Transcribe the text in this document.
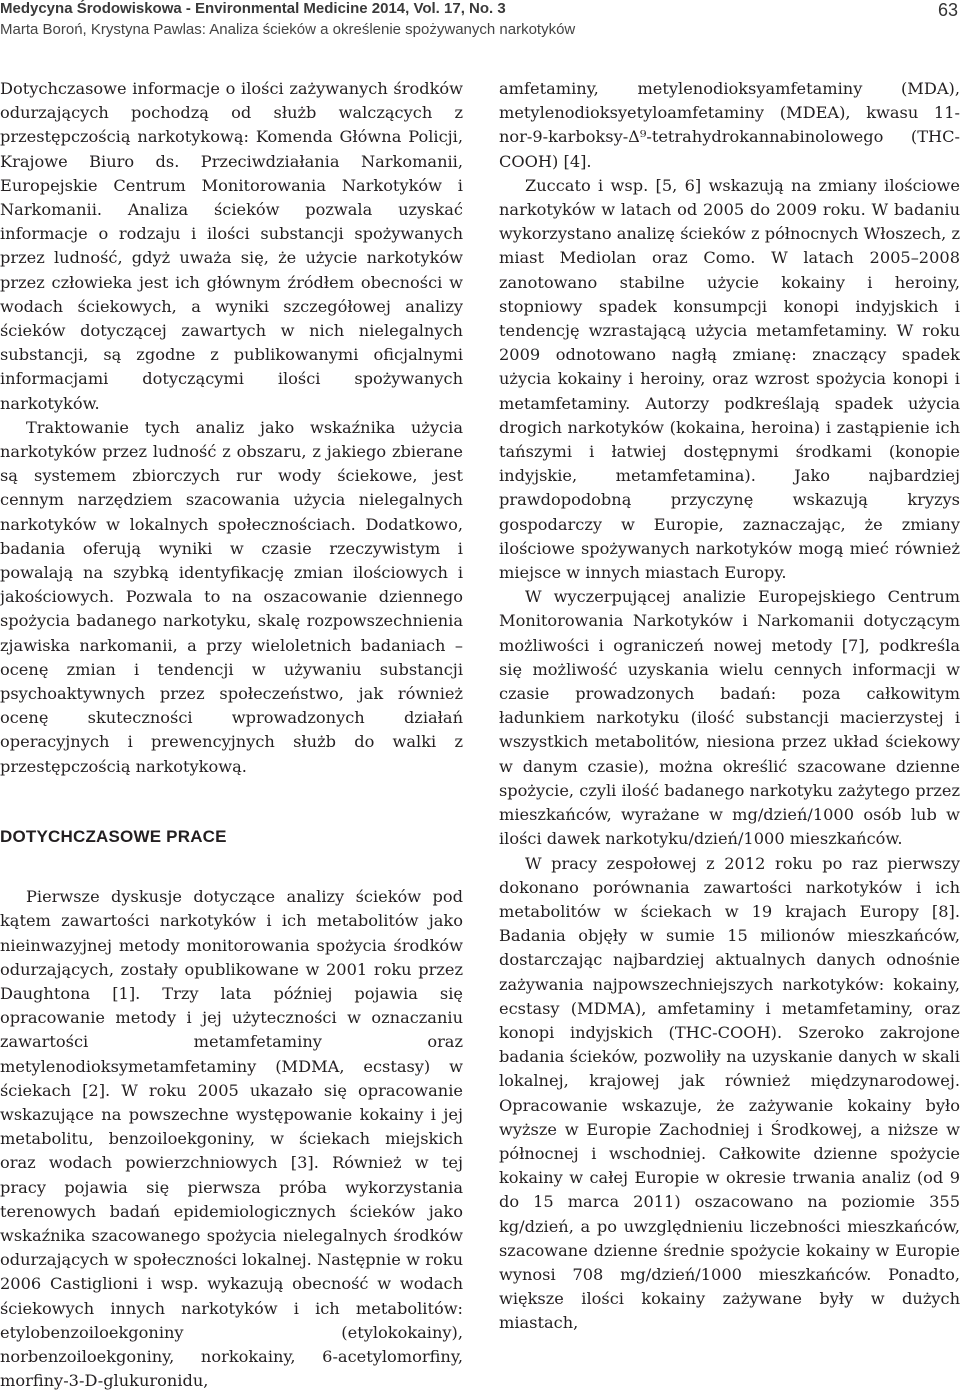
Medycyna Środowiskowa - Environmental Medicine 2014, Vol. 17, No. 3
Marta Boroń, Krystyna Pawlas: Analiza ścieków a określenie spożywanych narkotyków
63

Dotychczasowe informacje o ilości zażywanych środków odurzających pochodzą od służb walczących z przestępczością narkotykową: Komenda Główna Policji, Krajowe Biuro ds. Przeciwdziałania Narkomanii, Europejskie Centrum Monitorowania Narkotyków i Narkomanii. Analiza ścieków pozwala uzyskać informacje o rodzaju i ilości substancji spożywanych przez ludność, gdyż uważa się, że użycie narkotyków przez człowieka jest ich głównym źródłem obecności w wodach ściekowych, a wyniki szczegółowej analizy ścieków dotyczącej zawartych w nich nielegalnych substancji, są zgodne z publikowanymi oficjalnymi informacjami dotyczącymi ilości spożywanych narkotyków.

Traktowanie tych analiz jako wskaźnika użycia narkotyków przez ludność z obszaru, z jakiego zbierane są systemem zbiorczych rur wody ściekowe, jest cennym narzędziem szacowania użycia nielegalnych narkotyków w lokalnych społecznościach. Dodatkowo, badania oferują wyniki w czasie rzeczywistym i powalają na szybką identyfikację zmian ilościowych i jakościowych. Pozwala to na oszacowanie dziennego spożycia badanego narkotyku, skalę rozpowszechnienia zjawiska narkomanii, a przy wieloletnich badaniach – ocenę zmian i tendencji w używaniu substancji psychoaktywnych przez społeczeństwo, jak również ocenę skuteczności wprowadzonych działań operacyjnych i prewencyjnych służb do walki z przestępczością narkotykową.

DOTYCHCZASOWE PRACE

Pierwsze dyskusje dotyczące analizy ścieków pod kątem zawartości narkotyków i ich metabolitów jako nieinwazyjnej metody monitorowania spożycia środków odurzających, zostały opublikowane w 2001 roku przez Daughtona [1]. Trzy lata później pojawia się opracowanie metody i jej użyteczności w oznaczaniu zawartości metamfetaminy oraz metylenodioksymetamfetaminy (MDMA, ecstasy) w ściekach [2]. W roku 2005 ukazało się opracowanie wskazujące na powszechne występowanie kokainy i jej metabolitu, benzoiloekgoniny, w ściekach miejskich oraz wodach powierzchniowych [3]. Również w tej pracy pojawia się pierwsza próba wykorzystania terenowych badań epidemiologicznych ścieków jako wskaźnika szacowanego spożycia nielegalnych środków odurzających w społeczności lokalnej. Następnie w roku 2006 Castiglioni i wsp. wykazują obecność w wodach ściekowych innych narkotyków i ich metabolitów: etylobenzoiloekgoniny (etylokokainy), norbenzoiloekgoniny, norkokainy, 6-acetylomorfiny, morfiny-3-D-glukuronidu,

amfetaminy, metylenodioksyamfetaminy (MDA), metylenodioksyetyloamfetaminy (MDEA), kwasu 11-nor-9-karboksy-Δ⁹-tetrahydrokannabinolowego (THC-COOH) [4].

Zuccato i wsp. [5, 6] wskazują na zmiany ilościowe narkotyków w latach od 2005 do 2009 roku. W badaniu wykorzystano analizę ścieków z północnych Włoszech, z miast Mediolan oraz Como. W latach 2005–2008 zanotowano stabilne użycie kokainy i heroiny, stopniowy spadek konsumpcji konopi indyjskich i tendencję wzrastającą użycia metamfetaminy. W roku 2009 odnotowano nagłą zmianę: znaczący spadek użycia kokainy i heroiny, oraz wzrost spożycia konopi i metamfetaminy. Autorzy podkreślają spadek użycia drogich narkotyków (kokaina, heroina) i zastąpienie ich tańszymi i łatwiej dostępnymi środkami (konopie indyjskie, metamfetamina). Jako najbardziej prawdopodobną przyczynę wskazują kryzys gospodarczy w Europie, zaznaczając, że zmiany ilościowe spożywanych narkotyków mogą mieć również miejsce w innych miastach Europy.

W wyczerpującej analizie Europejskiego Centrum Monitorowania Narkotyków i Narkomanii dotyczącym możliwości i ograniczeń nowej metody [7], podkreśla się możliwość uzyskania wielu cennych informacji w czasie prowadzonych badań: poza całkowitym ładunkiem narkotyku (ilość substancji macierzystej i wszystkich metabolitów, niesiona przez układ ściekowy w danym czasie), można określić szacowane dzienne spożycie, czyli ilość badanego narkotyku zażytego przez mieszkańców, wyrażane w mg/dzień/1000 osób lub w ilości dawek narkotyku/dzień/1000 mieszkańców.

W pracy zespołowej z 2012 roku po raz pierwszy dokonano porównania zawartości narkotyków i ich metabolitów w ściekach w 19 krajach Europy [8]. Badania objęły w sumie 15 milionów mieszkańców, dostarczając najbardziej aktualnych danych odnośnie zażywania najpowszechniejszych narkotyków: kokainy, ecstasy (MDMA), amfetaminy i metamfetaminy, oraz konopi indyjskich (THC-COOH). Szeroko zakrojone badania ścieków, pozwoliły na uzyskanie danych w skali lokalnej, krajowej jak również międzynarodowej. Opracowanie wskazuje, że zażywanie kokainy było wyższe w Europie Zachodniej i Środkowej, a niższe w północnej i wschodniej. Całkowite dzienne spożycie kokainy w całej Europie w okresie trwania analiz (od 9 do 15 marca 2011) oszacowano na poziomie 355 kg/dzień, a po uwzględnieniu liczebności mieszkańców, szacowane dzienne średnie spożycie kokainy w Europie wynosi 708 mg/dzień/1000 mieszkańców. Ponadto, większe ilości kokainy zażywane były w dużych miastach,
